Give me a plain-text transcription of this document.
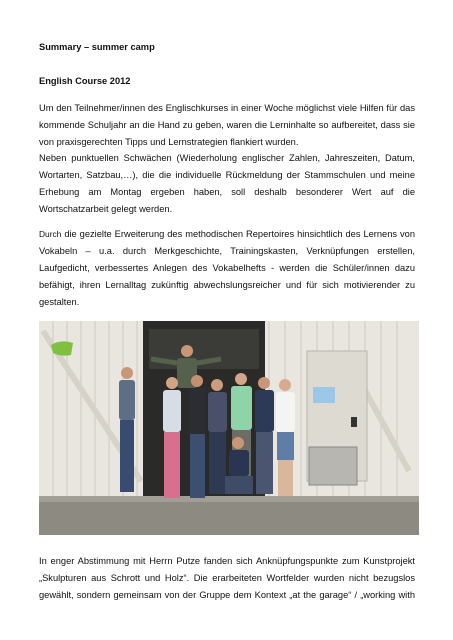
Summary – summer camp
English Course 2012
Um den Teilnehmer/innen des Englischkurses in einer Woche möglichst viele Hilfen für das
kommende Schuljahr an die Hand zu geben, waren die Lerninhalte so aufbereitet, dass sie
von praxisgerechten Tipps und Lernstrategien flankiert wurden.
Neben punktuellen Schwächen (Wiederholung englischer Zahlen, Jahreszeiten, Datum,
Wortarten, Satzbau,…), die die individuelle Rückmeldung der Stammschulen und meine
Erhebung am Montag ergeben haben, soll deshalb besonderer Wert auf die
Wortschatzarbeit gelegt werden.
Durch die gezielte Erweiterung des methodischen Repertoires hinsichtlich des Lernens von
Vokabeln – u.a. durch Merkgeschichte, Trainingskasten, Verknüpfungen erstellen,
Laufgedicht, verbessertes Anlegen des Vokabelhefts - werden die Schüler/innen dazu
befähigt, ihren Lernalltag zukünftig abwechslungsreicher und für sich motivierender zu
gestalten.
In enger Abstimmung mit Herrn Putze fanden sich Anknüpfungspunkte zum Kunstprojekt
„Skulpturen aus Schrott und Holz“. Die erarbeiteten Wortfelder wurden nicht bezugslos
gewählt, sondern gemeinsam von der Gruppe dem Kontext „at the garage“ / „working with
